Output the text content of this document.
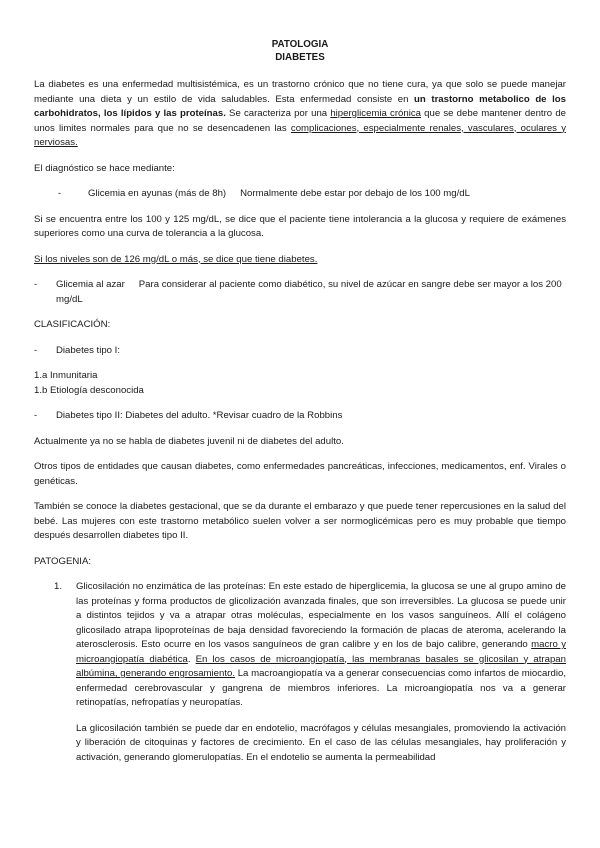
PATOLOGIA

DIABETES

La diabetes es una enfermedad multisistémica, es un trastorno crónico que no tiene cura, ya que solo se puede manejar mediante una dieta y un estilo de vida saludables. Esta enfermedad consiste en un trastorno metabolico de los carbohidratos, los lípidos y las proteínas. Se caracteriza por una hiperglicemia crónica que se debe mantener dentro de unos limites normales para que no se desencadenen las complicaciones, especialmente renales, vasculares, oculares y nerviosas.

El diagnóstico se hace mediante:

-	Glicemia en ayunas (más de 8h)	Normalmente debe estar por debajo de los 100 mg/dL

Si se encuentra entre los 100 y 125 mg/dL, se dice que el paciente tiene intolerancia a la glucosa y requiere de exámenes superiores como una curva de tolerancia a la glucosa.

Si los niveles son de 126 mg/dL o más, se dice que tiene diabetes.

-	Glicemia al azar Para considerar al paciente como diabético, su nivel de azúcar en sangre debe ser mayor a los 200 mg/dL

CLASIFICACIÓN:

-	Diabetes tipo I:

1.a Inmunitaria

1.b Etiología desconocida

-	Diabetes tipo II: Diabetes del adulto. *Revisar cuadro de la Robbins

Actualmente ya no se habla de diabetes juvenil ni de diabetes del adulto.

Otros tipos de entidades que causan diabetes, como enfermedades pancreáticas, infecciones, medicamentos, enf. Virales o genéticas.

También se conoce la diabetes gestacional, que se da durante el embarazo y que puede tener repercusiones en la salud del bebé. Las mujeres con este trastorno metabólico suelen volver a ser normoglicémicas pero es muy probable que tiempo después desarrollen diabetes tipo II.

PATOGENIA:

1.	Glicosilación no enzimática de las proteínas: En este estado de hiperglicemia, la glucosa se une al grupo amino de las proteínas y forma productos de glicolización avanzada finales, que son irreversibles. La glucosa se puede unir a distintos tejidos y va a atrapar otras moléculas, especialmente en los vasos sanguíneos. Allí el colágeno glicosilado atrapa lipoproteínas de baja densidad favoreciendo la formación de placas de ateroma, acelerando la aterosclerosis. Esto ocurre en los vasos sanguíneos de gran calibre y en los de bajo calibre, generando macro y microangiopatía diabética. En los casos de microangiopatía, las membranas basales se glicosilan y atrapan albúmina, generando engrosamiento. La macroangiopatía va a generar consecuencias como infartos de miocardio, enfermedad cerebrovascular y gangrena de miembros inferiores. La microangiopatía nos va a generar retinopatías, nefropatías y neuropatías.

La glicosilación también se puede dar en endotelio, macrófagos y células mesangiales, promoviendo la activación y liberación de citoquinas y factores de crecimiento. En el caso de las células mesangiales, hay proliferación y activación, generando glomerulopatías. En el endotelio se aumenta la permeabilidad
